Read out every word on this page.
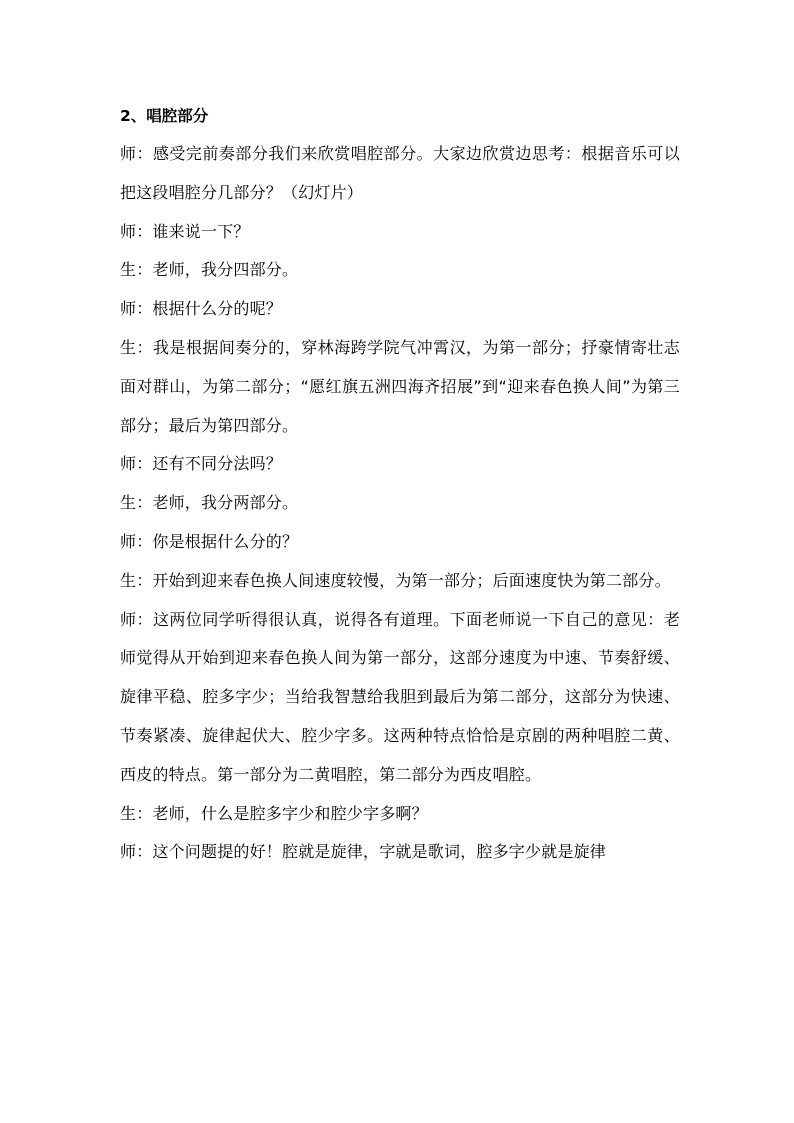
2、唱腔部分

师：感受完前奏部分我们来欣赏唱腔部分。大家边欣赏边思考：根据音乐可以把这段唱腔分几部分？（幻灯片）

师：谁来说一下？

生：老师，我分四部分。

师：根据什么分的呢？

生：我是根据间奏分的，穿林海跨学院气冲霄汉，为第一部分；抒豪情寄壮志面对群山，为第二部分；“愿红旗五洲四海齐招展”到“迎来春色换人间”为第三部分；最后为第四部分。

师：还有不同分法吗？

生：老师，我分两部分。

师：你是根据什么分的？

生：开始到迎来春色换人间速度较慢，为第一部分；后面速度快为第二部分。

师：这两位同学听得很认真，说得各有道理。下面老师说一下自己的意见：老师觉得从开始到迎来春色换人间为第一部分，这部分速度为中速、节奏舒缓、旋律平稳、腔多字少；当给我智慧给我胆到最后为第二部分，这部分为快速、节奏紧凑、旋律起伏大、腔少字多。这两种特点恰恰是京剧的两种唱腔二黄、西皮的特点。第一部分为二黄唱腔，第二部分为西皮唱腔。

生：老师，什么是腔多字少和腔少字多啊？

师：这个问题提的好！腔就是旋律，字就是歌词，腔多字少就是旋律
